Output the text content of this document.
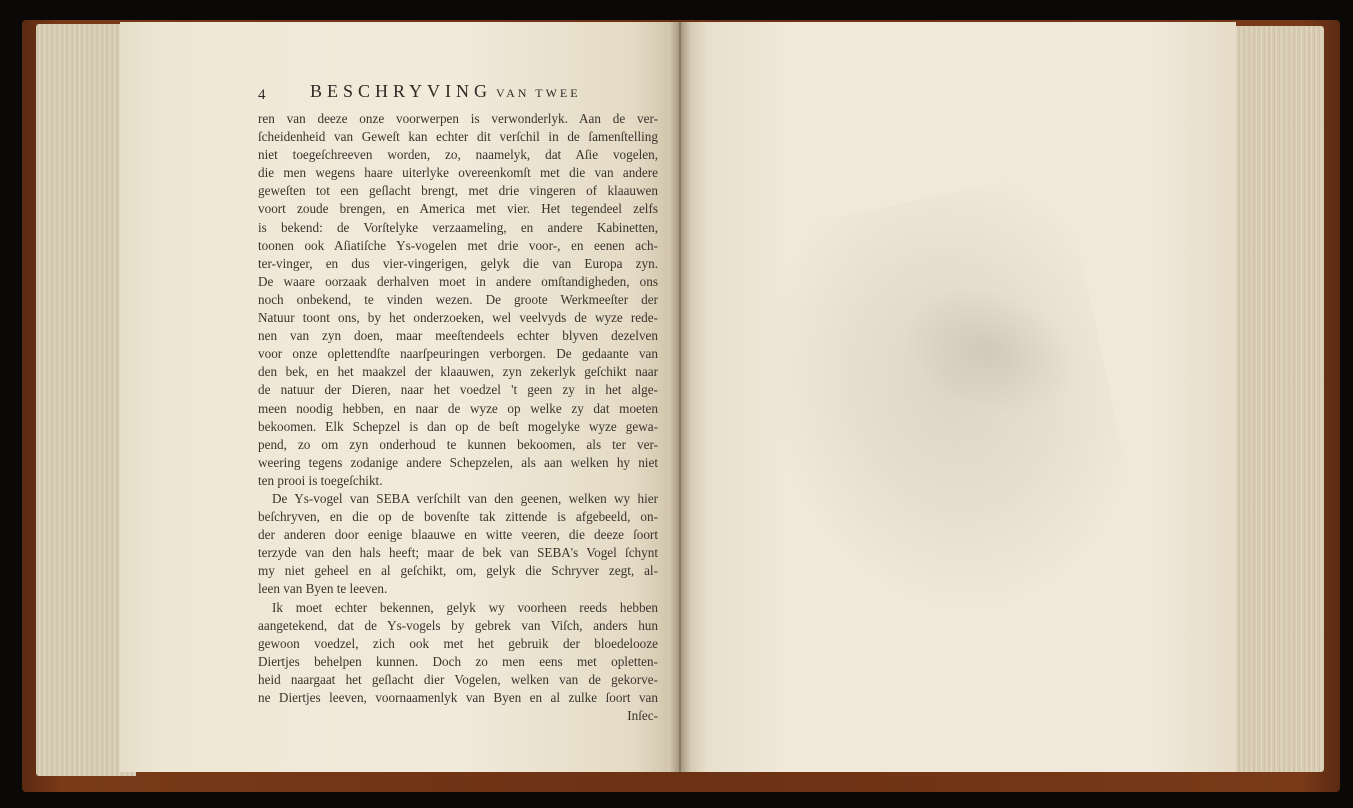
4 BESCHRYVING VAN TWEE
ren van deeze onze voorwerpen is verwonderlyk. Aan de ver-
ſcheidenheid van Geweſt kan echter dit verſchil in de ſamenſtelling
niet toegeſchreeven worden, zo, naamelyk, dat Aſie vogelen,
die men wegens haare uiterlyke overeenkomſt met die van andere
geweſten tot een geſlacht brengt, met drie vingeren of klaauwen
voort zoude brengen, en America met vier. Het tegendeel zelfs
is bekend: de Vorſtelyke verzaameling, en andere Kabinetten,
toonen ook Aſiatiſche Ys-vogelen met drie voor-, en eenen ach-
ter-vinger, en dus vier-vingerigen, gelyk die van Europa zyn.
De waare oorzaak derhalven moet in andere omſtandigheden, ons
noch onbekend, te vinden wezen. De groote Werkmeeſter der
Natuur toont ons, by het onderzoeken, wel veelvyds de wyze rede-
nen van zyn doen, maar meeſtendeels echter blyven dezelven
voor onze oplettendſte naarſpeuringen verborgen. De gedaante van
den bek, en het maakzel der klaauwen, zyn zekerlyk geſchikt naar
de natuur der Dieren, naar het voedzel 't geen zy in het alge-
meen noodig hebben, en naar de wyze op welke zy dat moeten
bekoomen. Elk Schepzel is dan op de beſt mogelyke wyze gewa-
pend, zo om zyn onderhoud te kunnen bekoomen, als ter ver-
weering tegens zodanige andere Schepzelen, als aan welken hy niet
ten prooi is toegeſchikt.
De Ys-vogel van SEBA verſchilt van den geenen, welken wy hier
beſchryven, en die op de bovenſte tak zittende is afgebeeld, on-
der anderen door eenige blaauwe en witte veeren, die deeze ſoort
terzyde van den hals heeft; maar de bek van SEBA's Vogel ſchynt
my niet geheel en al geſchikt, om, gelyk die Schryver zegt, al-
leen van Byen te leeven.
Ik moet echter bekennen, gelyk wy voorheen reeds hebben
aangetekend, dat de Ys-vogels by gebrek van Viſch, anders hun
gewoon voedzel, zich ook met het gebruik der bloedelooze
Diertjes behelpen kunnen. Doch zo men eens met opletten-
heid naargaat het geſlacht dier Vogelen, welken van de gekorve-
ne Diertjes leeven, voornaamenlyk van Byen en al zulke ſoort van
Inſec-
